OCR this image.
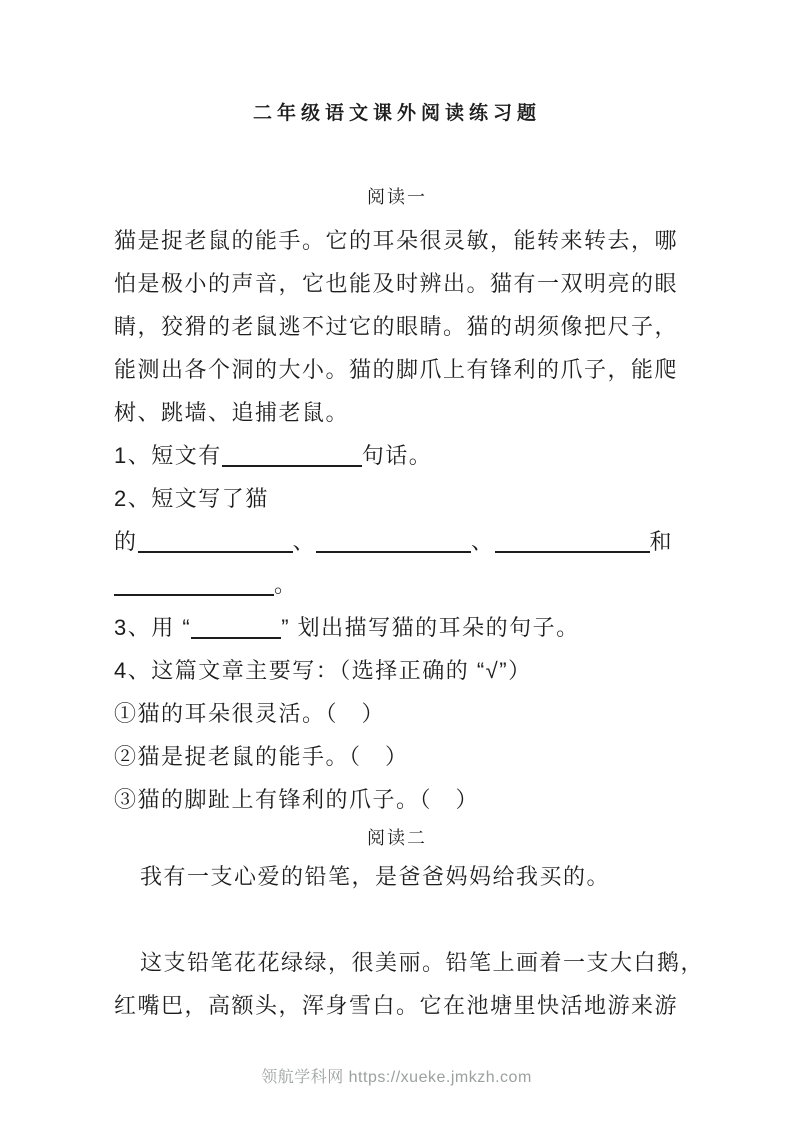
二年级语文课外阅读练习题
阅读一
猫是捉老鼠的能手。它的耳朵很灵敏，能转来转去，哪
怕是极小的声音，它也能及时辨出。猫有一双明亮的眼
睛，狡猾的老鼠逃不过它的眼睛。猫的胡须像把尺子，
能测出各个洞的大小。猫的脚爪上有锋利的爪子，能爬
树、跳墙、追捕老鼠。
1、短文有	句话。
2、短文写了猫
的	、	、	和
。
3、用 “	” 划出描写猫的耳朵的句子。
4、这篇文章主要写：（选择正确的 “√”）
①猫的耳朵很灵活。（　）
②猫是捉老鼠的能手。（　）
③猫的脚趾上有锋利的爪子。（　）
阅读二
我有一支心爱的铅笔，是爸爸妈妈给我买的。
这支铅笔花花绿绿，很美丽。铅笔上画着一支大白鹅，
红嘴巴，高额头，浑身雪白。它在池塘里快活地游来游
领航学科网 https://xueke.jmkzh.com
